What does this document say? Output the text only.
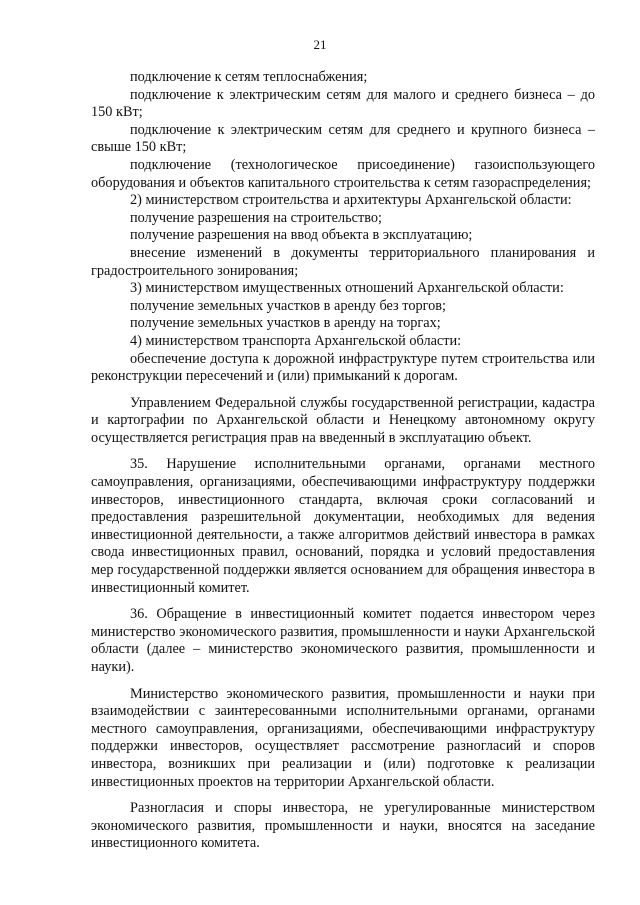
21

подключение к сетям теплоснабжения;

подключение к электрическим сетям для малого и среднего бизнеса – до 150 кВт;

подключение к электрическим сетям для среднего и крупного бизнеса – свыше 150 кВт;

подключение (технологическое присоединение) газоиспользующего оборудования и объектов капитального строительства к сетям газораспределения;

2) министерством строительства и архитектуры Архангельской области:

получение разрешения на строительство;

получение разрешения на ввод объекта в эксплуатацию;

внесение изменений в документы территориального планирования и градостроительного зонирования;

3) министерством имущественных отношений Архангельской области:

получение земельных участков в аренду без торгов;

получение земельных участков в аренду на торгах;

4) министерством транспорта Архангельской области:

обеспечение доступа к дорожной инфраструктуре путем строительства или реконструкции пересечений и (или) примыканий к дорогам.

Управлением Федеральной службы государственной регистрации, кадастра и картографии по Архангельской области и Ненецкому автономному округу осуществляется регистрация прав на введенный в эксплуатацию объект.

35. Нарушение исполнительными органами, органами местного самоуправления, организациями, обеспечивающими инфраструктуру поддержки инвесторов, инвестиционного стандарта, включая сроки согласований и предоставления разрешительной документации, необходимых для ведения инвестиционной деятельности, а также алгоритмов действий инвестора в рамках свода инвестиционных правил, оснований, порядка и условий предоставления мер государственной поддержки является основанием для обращения инвестора в инвестиционный комитет.

36. Обращение в инвестиционный комитет подается инвестором через министерство экономического развития, промышленности и науки Архангельской области (далее – министерство экономического развития, промышленности и науки).

Министерство экономического развития, промышленности и науки при взаимодействии с заинтересованными исполнительными органами, органами местного самоуправления, организациями, обеспечивающими инфраструктуру поддержки инвесторов, осуществляет рассмотрение разногласий и споров инвестора, возникших при реализации и (или) подготовке к реализации инвестиционных проектов на территории Архангельской области.

Разногласия и споры инвестора, не урегулированные министерством экономического развития, промышленности и науки, вносятся на заседание инвестиционного комитета.
